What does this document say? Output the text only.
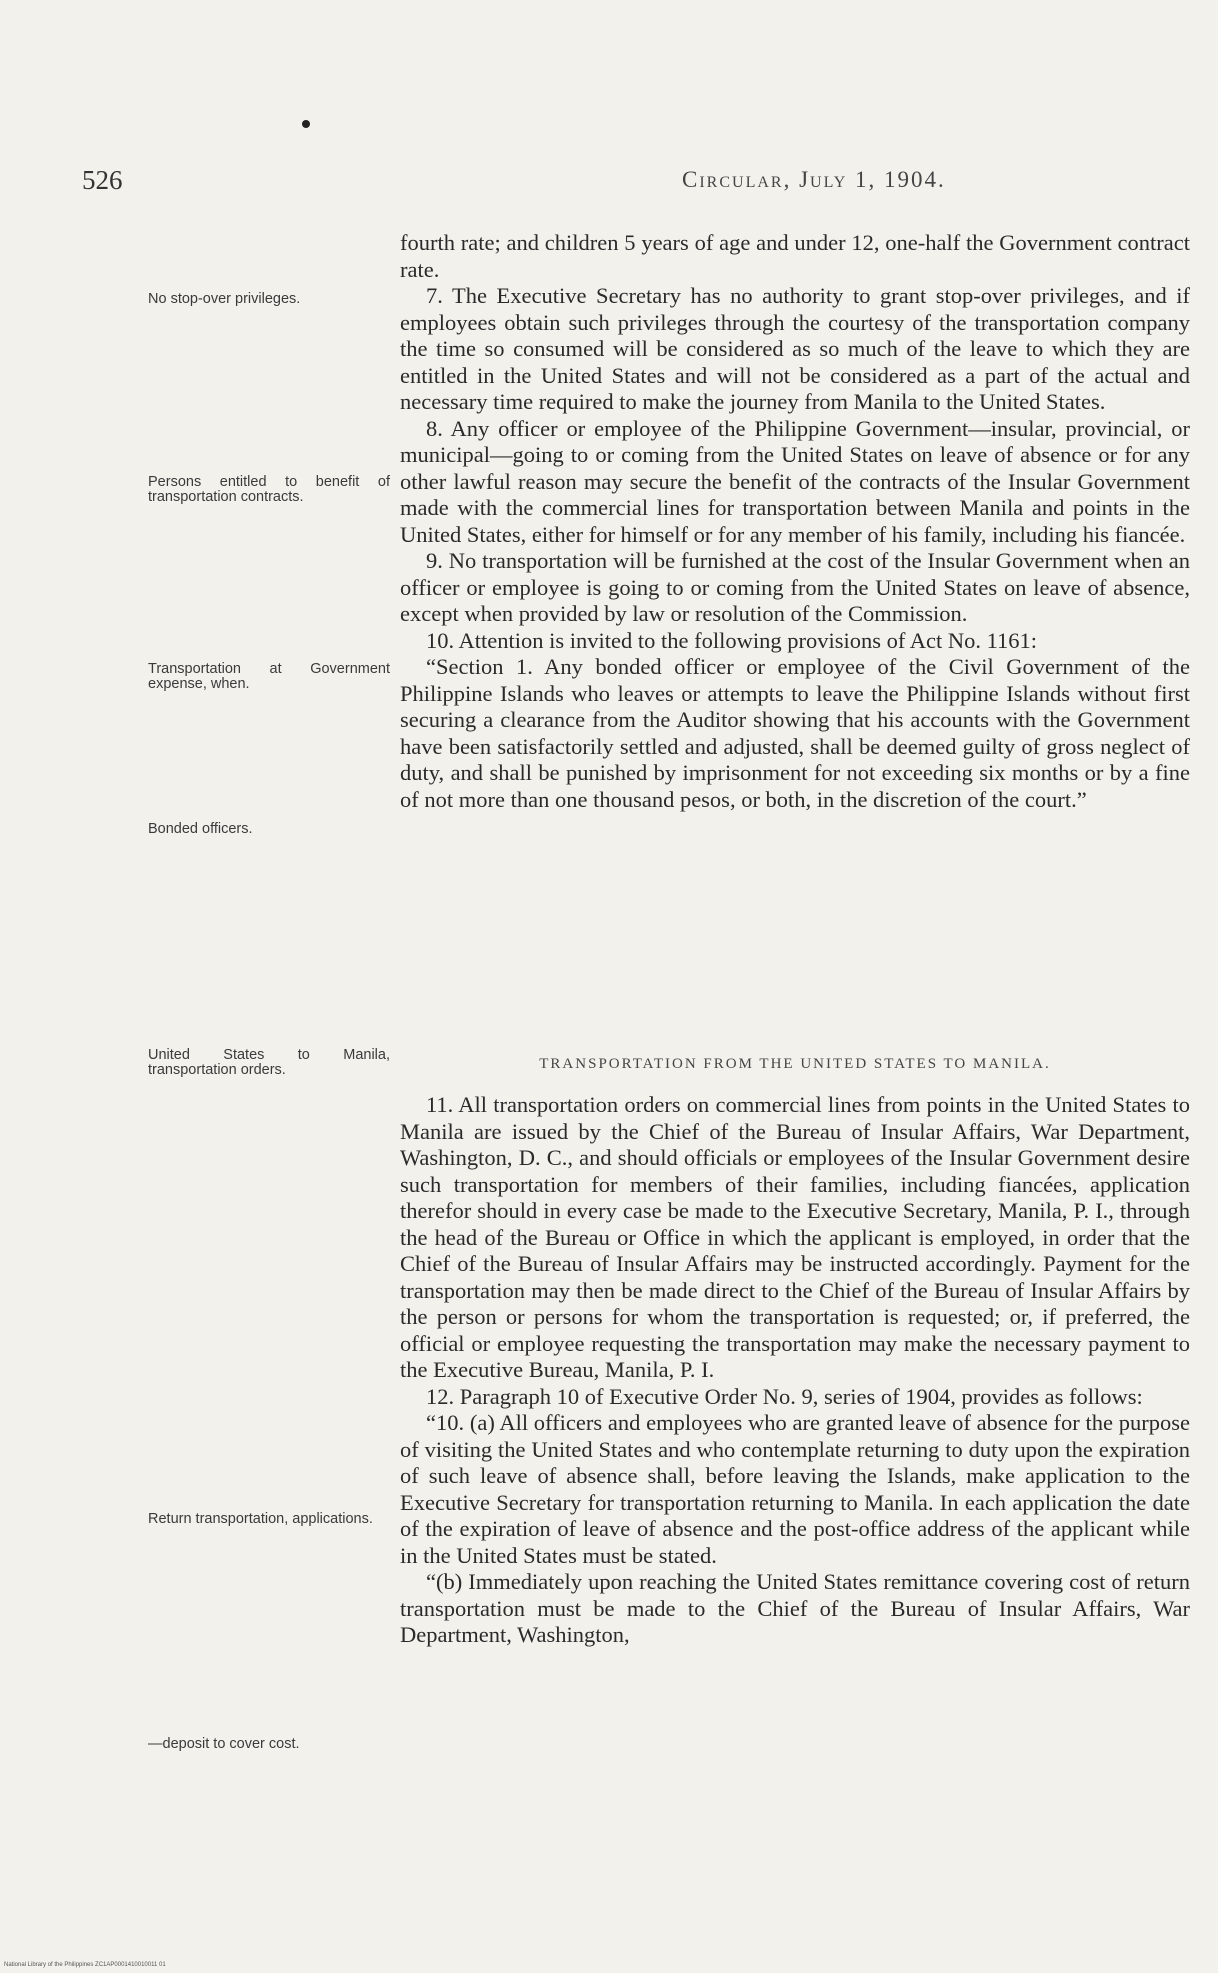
526	Circular, July 1, 1904.
No stop-over privileges.
Persons entitled to benefit of transportation contracts.
Transportation at Government expense, when.
Bonded officers.
United States to Manila, transportation orders.
Return transportation, applications.
—deposit to cover cost.

fourth rate; and children 5 years of age and under 12, one-half the Government contract rate.

7. The Executive Secretary has no authority to grant stop-over privileges, and if employees obtain such privileges through the courtesy of the transportation company the time so consumed will be considered as so much of the leave to which they are entitled in the United States and will not be considered as a part of the actual and necessary time required to make the journey from Manila to the United States.

8. Any officer or employee of the Philippine Government—insular, provincial, or municipal—going to or coming from the United States on leave of absence or for any other lawful reason may secure the benefit of the contracts of the Insular Government made with the commercial lines for transportation between Manila and points in the United States, either for himself or for any member of his family, including his fiancée.

9. No transportation will be furnished at the cost of the Insular Government when an officer or employee is going to or coming from the United States on leave of absence, except when provided by law or resolution of the Commission.

10. Attention is invited to the following provisions of Act No. 1161:

“Section 1. Any bonded officer or employee of the Civil Government of the Philippine Islands who leaves or attempts to leave the Philippine Islands without first securing a clearance from the Auditor showing that his accounts with the Government have been satisfactorily settled and adjusted, shall be deemed guilty of gross neglect of duty, and shall be punished by imprisonment for not exceeding six months or by a fine of not more than one thousand pesos, or both, in the discretion of the court.”

TRANSPORTATION FROM THE UNITED STATES TO MANILA.

11. All transportation orders on commercial lines from points in the United States to Manila are issued by the Chief of the Bureau of Insular Affairs, War Department, Washington, D. C., and should officials or employees of the Insular Government desire such transportation for members of their families, including fiancées, application therefor should in every case be made to the Executive Secretary, Manila, P. I., through the head of the Bureau or Office in which the applicant is employed, in order that the Chief of the Bureau of Insular Affairs may be instructed accordingly. Payment for the transportation may then be made direct to the Chief of the Bureau of Insular Affairs by the person or persons for whom the transportation is requested; or, if preferred, the official or employee requesting the transportation may make the necessary payment to the Executive Bureau, Manila, P. I.

12. Paragraph 10 of Executive Order No. 9, series of 1904, provides as follows:

“10. (a) All officers and employees who are granted leave of absence for the purpose of visiting the United States and who contemplate returning to duty upon the expiration of such leave of absence shall, before leaving the Islands, make application to the Executive Secretary for transportation returning to Manila. In each application the date of the expiration of leave of absence and the post-office address of the applicant while in the United States must be stated.

“(b) Immediately upon reaching the United States remittance covering cost of return transportation must be made to the Chief of the Bureau of Insular Affairs, War Department, Washington,

National Library of the Philippines ZC1AP0001410010011 01
